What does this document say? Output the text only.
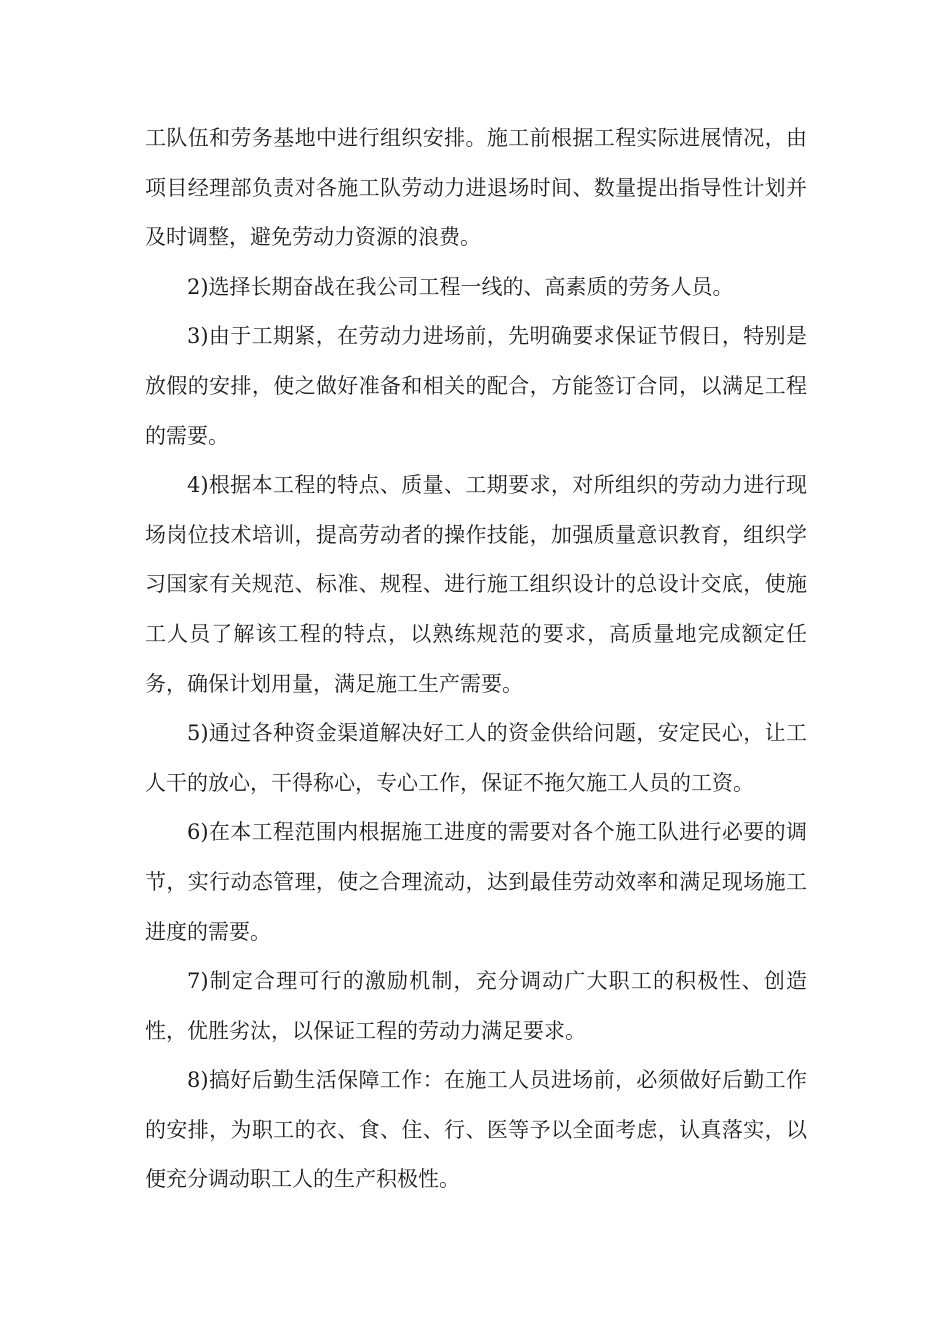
工队伍和劳务基地中进行组织安排。施工前根据工程实际进展情况，由项目经理部负责对各施工队劳动力进退场时间、数量提出指导性计划并及时调整，避免劳动力资源的浪费。

2)选择长期奋战在我公司工程一线的、高素质的劳务人员。

3)由于工期紧，在劳动力进场前，先明确要求保证节假日，特别是放假的安排，使之做好准备和相关的配合，方能签订合同，以满足工程的需要。

4)根据本工程的特点、质量、工期要求，对所组织的劳动力进行现场岗位技术培训，提高劳动者的操作技能，加强质量意识教育，组织学习国家有关规范、标准、规程、进行施工组织设计的总设计交底，使施工人员了解该工程的特点，以熟练规范的要求，高质量地完成额定任务，确保计划用量，满足施工生产需要。

5)通过各种资金渠道解决好工人的资金供给问题，安定民心，让工人干的放心，干得称心，专心工作，保证不拖欠施工人员的工资。

6)在本工程范围内根据施工进度的需要对各个施工队进行必要的调节，实行动态管理，使之合理流动，达到最佳劳动效率和满足现场施工进度的需要。

7)制定合理可行的激励机制，充分调动广大职工的积极性、创造性，优胜劣汰，以保证工程的劳动力满足要求。

8)搞好后勤生活保障工作：在施工人员进场前，必须做好后勤工作的安排，为职工的衣、食、住、行、医等予以全面考虑，认真落实，以便充分调动职工人的生产积极性。
